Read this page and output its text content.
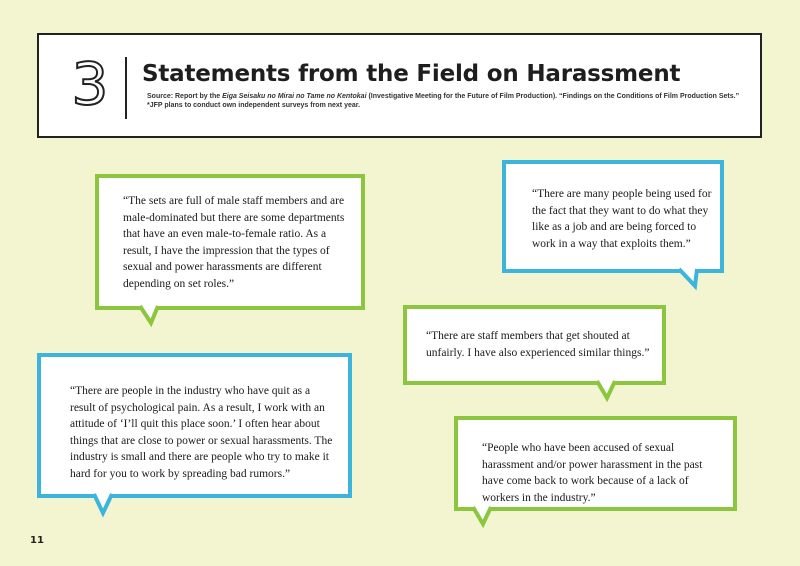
3 Statements from the Field on Harassment
Source: Report by the Eiga Seisaku no Mirai no Tame no Kentokai (Investigative Meeting for the Future of Film Production). “Findings on the Conditions of Film Production Sets.”
*JFP plans to conduct own independent surveys from next year.
“The sets are full of male staff members and are male-dominated but there are some departments that have an even male-to-female ratio. As a result, I have the impression that the types of sexual and power harassments are different depending on set roles.”
“There are many people being used for the fact that they want to do what they like as a job and are being forced to work in a way that exploits them.”
“There are staff members that get shouted at unfairly. I have also experienced similar things.”
“There are people in the industry who have quit as a result of psychological pain. As a result, I work with an attitude of ‘I’ll quit this place soon.’ I often hear about things that are close to power or sexual harassments. The industry is small and there are people who try to make it hard for you to work by spreading bad rumors.”
“People who have been accused of sexual harassment and/or power harassment in the past have come back to work because of a lack of workers in the industry.”
11
